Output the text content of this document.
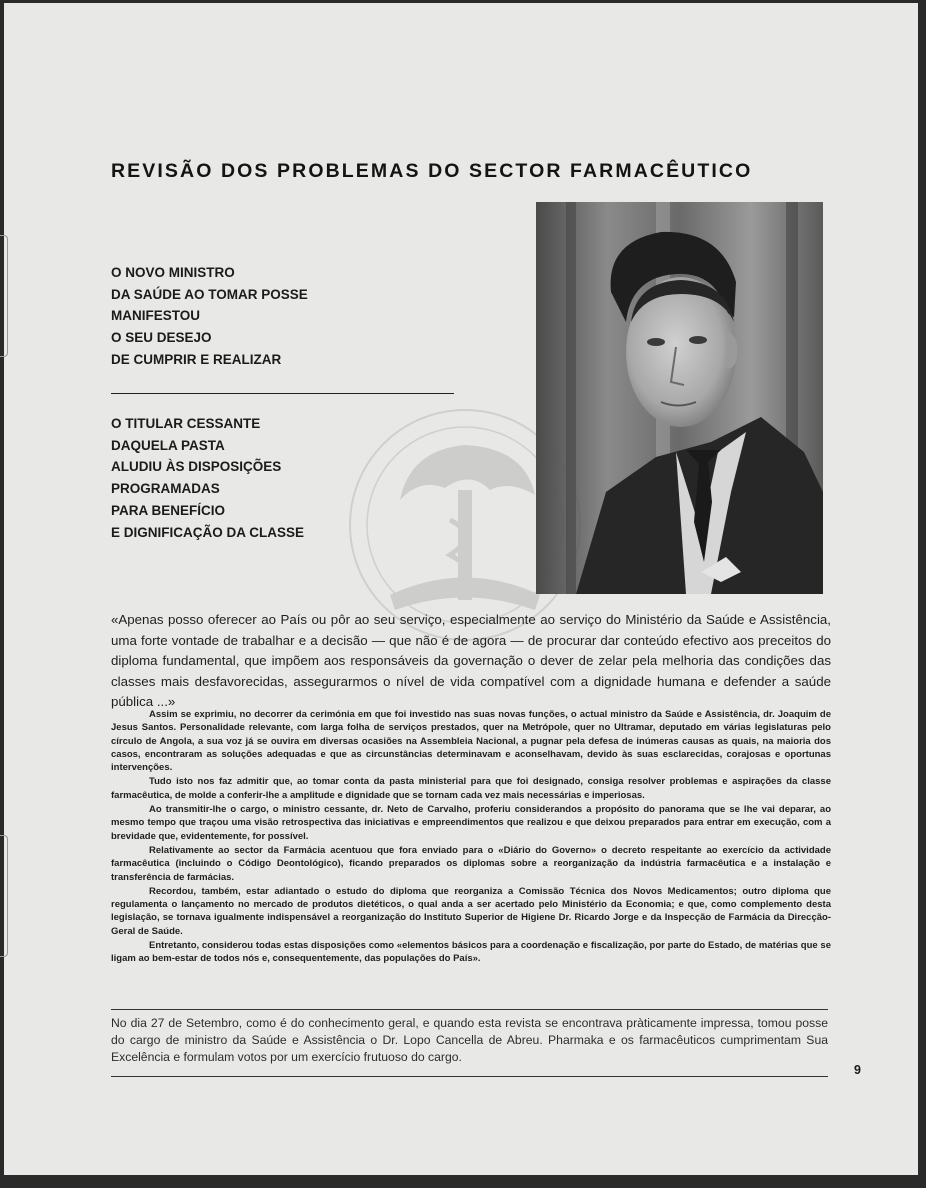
REVISÃO DOS PROBLEMAS DO SECTOR FARMACÊUTICO
O NOVO MINISTRO
DA SAÚDE AO TOMAR POSSE
MANIFESTOU
O SEU DESEJO
DE CUMPRIR E REALIZAR
O TITULAR CESSANTE
DAQUELA PASTA
ALUDIU ÀS DISPOSIÇÕES
PROGRAMADAS
PARA BENEFÍCIO
E DIGNIFICAÇÃO DA CLASSE
«Apenas posso oferecer ao País ou pôr ao seu serviço, especialmente ao serviço do Ministério da Saúde e Assistência, uma forte vontade de trabalhar e a decisão — que não é de agora — de procurar dar conteúdo efectivo aos preceitos do diploma fundamental, que impõem aos responsáveis da governação o dever de zelar pela melhoria das condições das classes mais desfavorecidas, assegurarmos o nível de vida compatível com a dignidade humana e defender a saúde pública ...»

Assim se exprimiu, no decorrer da cerimónia em que foi investido nas suas novas funções, o actual ministro da Saúde e Assistência, dr. Joaquim de Jesus Santos. Personalidade relevante, com larga folha de serviços prestados, quer na Metrópole, quer no Ultramar, deputado em várias legislaturas pelo círculo de Angola, a sua voz já se ouvira em diversas ocasiões na Assembleia Nacional, a pugnar pela defesa de inúmeras causas as quais, na maioria dos casos, encontraram as soluções adequadas e que as circunstâncias determinavam e aconselhavam, devido às suas esclarecidas, corajosas e oportunas intervenções.

Tudo isto nos faz admitir que, ao tomar conta da pasta ministerial para que foi designado, consiga resolver problemas e aspirações da classe farmacêutica, de molde a conferir-lhe a amplitude e dignidade que se tornam cada vez mais necessárias e imperiosas.

Ao transmitir-lhe o cargo, o ministro cessante, dr. Neto de Carvalho, proferiu considerandos a propósito do panorama que se lhe vai deparar, ao mesmo tempo que traçou uma visão retrospectiva das iniciativas e empreendimentos que realizou e que deixou preparados para entrar em execução, com a brevidade que, evidentemente, for possível.

Relativamente ao sector da Farmácia acentuou que fora enviado para o «Diário do Governo» o decreto respeitante ao exercício da actividade farmacêutica (incluindo o Código Deontológico), ficando preparados os diplomas sobre a reorganização da indústria farmacêutica e a instalação e transferência de farmácias.

Recordou, também, estar adiantado o estudo do diploma que reorganiza a Comissão Técnica dos Novos Medicamentos; outro diploma que regulamenta o lançamento no mercado de produtos dietéticos, o qual anda a ser acertado pelo Ministério da Economia; e que, como complemento desta legislação, se tornava igualmente indispensável a reorganização do Instituto Superior de Higiene Dr. Ricardo Jorge e da Inspecção de Farmácia da Direcção-Geral de Saúde.

Entretanto, considerou todas estas disposições como «elementos básicos para a coordenação e fiscalização, por parte do Estado, de matérias que se ligam ao bem-estar de todos nós e, consequentemente, das populações do País».

No dia 27 de Setembro, como é do conhecimento geral, e quando esta revista se encontrava pràticamente impressa, tomou posse do cargo de ministro da Saúde e Assistência o Dr. Lopo Cancella de Abreu. Pharmaka e os farmacêuticos cumprimentam Sua Excelência e formulam votos por um exercício frutuoso do cargo.
9
